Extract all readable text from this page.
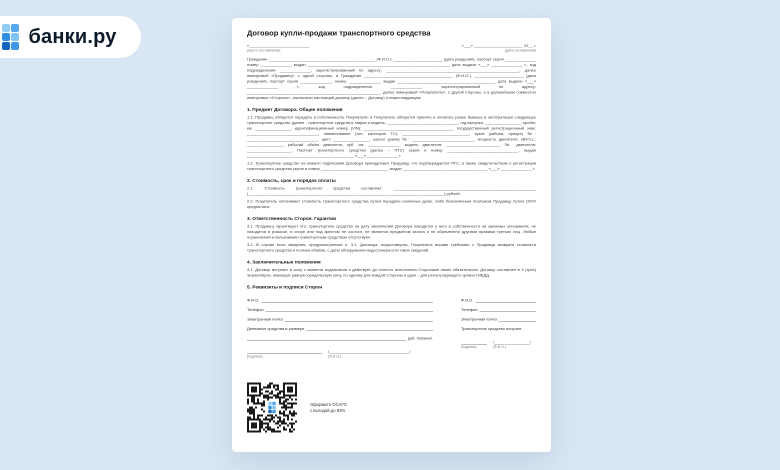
банки.ру	Договор купли-продажи транспортного средства
«___________________________
(место составления)
«___» ______________________ 20__ г.
(дата составления)

Гражданин ________________________________________________ (Ф.И.О.), ______________________ (дата рождения), паспорт серия ______________ номер ______________ выдан ________________________________________________________________ дата выдачи «___» ______________ г., код подразделения ______________, зарегистрированный по адресу: ____________________________________________________________, далее именуемый «Продавец», с одной стороны, и Гражданин ________________________________________ (Ф.И.О.), ______________________ (дата рождения), паспорт серия ______________, номер ______________, выдан ____________________________________________ дата выдачи «___» ______________ г., код подразделения ______________, зарегистрированный по адресу: ____________________________________________________________, далее именуемый «Покупатель», с другой стороны, а в дальнейшем совместно именуемые «Стороны», заключили настоящий договор (далее – Договор) о нижеследующем:

1. Предмет Договора. Общие положения

1.1. Продавец обязуется передать в собственность Покупателя, а Покупатель обязуется принять и оплатить ранее бывшее в эксплуатации следующее транспортное средство (далее - транспортное средство): марка и модель: ________________________________, год выпуска: ________________, пробег, км: ________________, идентификационный номер (VIN): ________________________________________, государственный регистрационный знак: ________________________________, наименование (тип, категория ТС): ______________________________, кузов (кабина, прицеп) №: ________________________________, цвет: ________________, шасси (рама) №: ____________________________, мощность двигателя, кВт/л.с.: ________________, рабочий объём двигателя, куб. см: ______________, модель двигателя: ________________________, № двигателя: ____________________. Паспорт транспортного средства (далее – ПТС) серия и номер ________________________________, выдан ________________________________________________ «___» ______________ г.

1.2. Транспортное средство на момент подписания Договора принадлежит Продавцу, что подтверждается ПТС, а также свидетельством о регистрации транспортного средства серия и номер ______________________________, выдан ______________________________________ «___» ______________ г.

2. Стоимость, срок и порядок оплаты

2.1. Стоимость транспортного средства составляет: ________________________________________________________________ (________________________________________________________________________________________) рублей.

2.2. Покупатель оплачивает стоимость транспортного средства путем передачи наличных денег, либо безналичным платежом Продавцу путем 100% предоплаты.

3. Ответственность Сторон. Гарантии

3.1. Продавец гарантирует что, транспортное средство на дату заключения Договора находится у него в собственности на законных основаниях, не находится в розыске, в споре или под арестом не состоит, не является предметом залога и не обременено другими правами третьих лиц. Любые ограничения в пользовании транспортным средством отсутствуют.

3.2. В случае если сведения, предусмотренные п. 3.1. Договора, недостоверны, Покупатель вправе требовать с Продавца возврата стоимости транспортного средства в полном объёме, с даты обнаружения недостоверности таких сведений.

4. Заключительные положения

4.1. Договор вступает в силу с момента подписания и действует до полного исполнения Сторонами своих обязательств. Договор составлен в 3 (трех) экземплярах, имеющих равную юридическую силу, по одному для каждой Стороны и один – для регистрирующего органа ГИБДД.

5. Реквизиты и подписи Сторон
Ф.И.О.
Телефон
Электронная почта
Денежные средства в размере
руб. получил.
(подпись)
/____________________________________/
(Ф.И.О.)
Ф.И.О.
Телефон
Электронная почта
Транспортное средство получил.
(подпись)
/________________/
(Ф.И.О.)
Оформите ОСАГО
с выгодой до 83%
